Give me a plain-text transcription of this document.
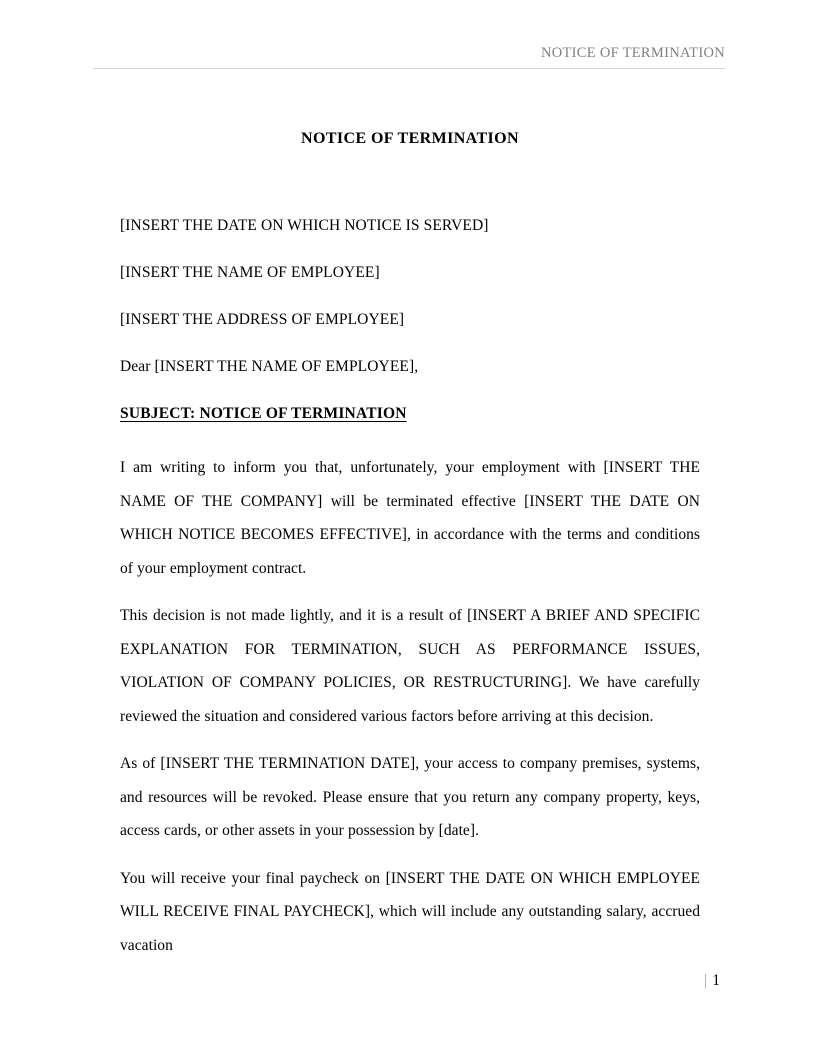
NOTICE OF TERMINATION
NOTICE OF TERMINATION
[INSERT THE DATE ON WHICH NOTICE IS SERVED]
[INSERT THE NAME OF EMPLOYEE]
[INSERT THE ADDRESS OF EMPLOYEE]
Dear [INSERT THE NAME OF EMPLOYEE],
SUBJECT: NOTICE OF TERMINATION

I am writing to inform you that, unfortunately, your employment with [INSERT THE NAME OF THE COMPANY] will be terminated effective [INSERT THE DATE ON WHICH NOTICE BECOMES EFFECTIVE], in accordance with the terms and conditions of your employment contract.

This decision is not made lightly, and it is a result of [INSERT A BRIEF AND SPECIFIC EXPLANATION FOR TERMINATION, SUCH AS PERFORMANCE ISSUES, VIOLATION OF COMPANY POLICIES, OR RESTRUCTURING]. We have carefully reviewed the situation and considered various factors before arriving at this decision.

As of [INSERT THE TERMINATION DATE], your access to company premises, systems, and resources will be revoked. Please ensure that you return any company property, keys, access cards, or other assets in your possession by [date].

You will receive your final paycheck on [INSERT THE DATE ON WHICH EMPLOYEE WILL RECEIVE FINAL PAYCHECK], which will include any outstanding salary, accrued vacation

| 1
